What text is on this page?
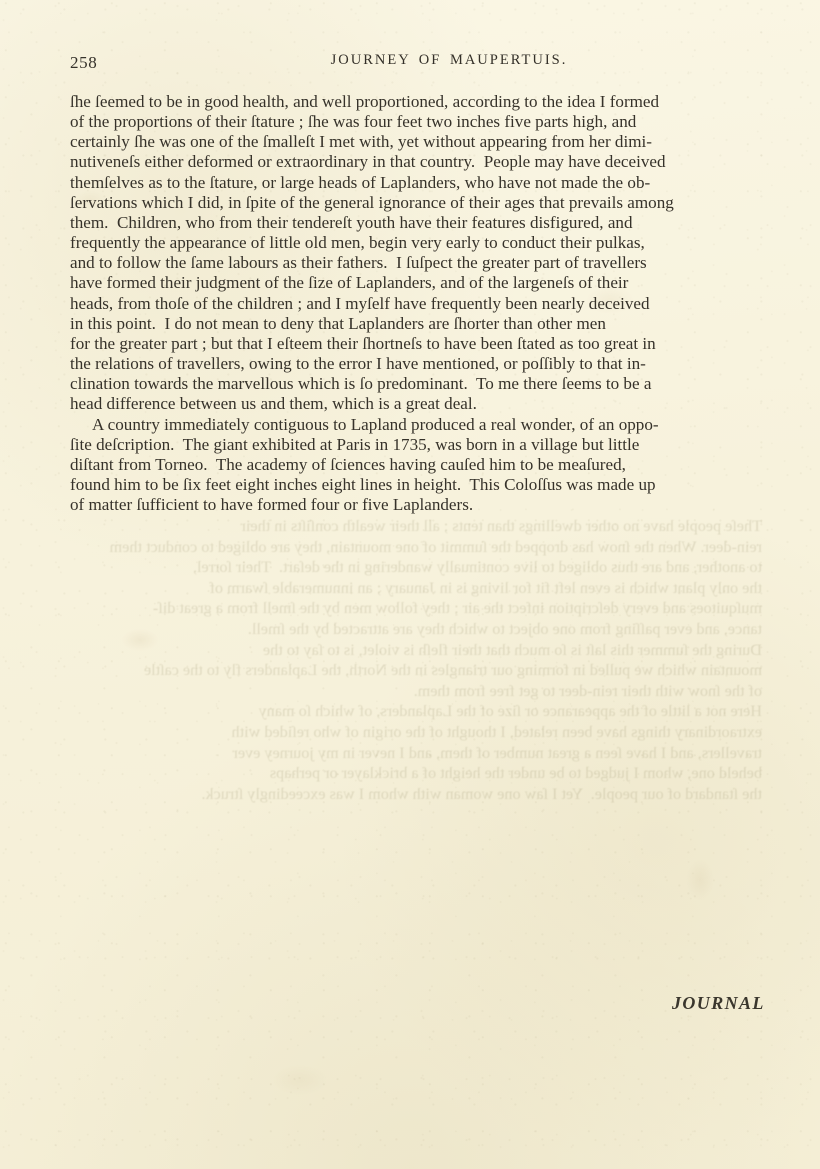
Theſe people have no other dwellings than tents ; all their wealth conſiſts in their
rein-deer. When the ſnow has dropped the ſummit of one mountain, they are obliged to conduct them
to another, and are thus obliged to live continually wandering in the deſart.  Their ſorrel,
the only plant which is even left fit for living is in January ; an innumerable ſwarm of
muſquitoes and every deſcription infect the air ; they follow men by the ſmell from a great diſ-
tance, and ever paſſing from one object to which they are attracted by the ſmell.
During the ſummer this laſt is ſo much that their fleſh is violet, is to ſay to the
mountain which we pulled in forming our triangles in the North, the Laplanders fly to the caſtle
of the ſnow with their rein-deer to get free from them.
Here not a little of the appearance or ſize of the Laplanders, of which ſo many
extraordinary things have been related, I thought of the origin of who reſided with
travellers, and I have ſeen a great number of them, and I never in my journey ever
beheld one, whom I judged to be under the height of a bricklayer or perhaps
the ſtandard of our people.  Yet I ſaw one woman with whom I was exceedingly ſtruck.
258	JOURNEY OF MAUPERTUIS.

ſhe ſeemed to be in good health, and well proportioned, according to the idea I formed
of the proportions of their ſtature ; ſhe was four feet two inches five parts high, and
certainly ſhe was one of the ſmalleſt I met with, yet without appearing from her dimi-
nutiveneſs either deformed or extraordinary in that country.  People may have deceived
themſelves as to the ſtature, or large heads of Laplanders, who have not made the ob-
ſervations which I did, in ſpite of the general ignorance of their ages that prevails among
them.  Children, who from their tendereſt youth have their features disfigured, and
frequently the appearance of little old men, begin very early to conduct their pulkas,
and to follow the ſame labours as their fathers.  I ſuſpect the greater part of travellers
have formed their judgment of the ſize of Laplanders, and of the largeneſs of their
heads, from thoſe of the children ; and I myſelf have frequently been nearly deceived
in this point.  I do not mean to deny that Laplanders are ſhorter than other men
for the greater part ; but that I eſteem their ſhortneſs to have been ſtated as too great in
the relations of travellers, owing to the error I have mentioned, or poſſibly to that in-
clination towards the marvellous which is ſo predominant.  To me there ſeems to be a
head difference between us and them, which is a great deal.

A country immediately contiguous to Lapland produced a real wonder, of an oppo-
ſite deſcription.  The giant exhibited at Paris in 1735, was born in a village but little
diſtant from Torneo.  The academy of ſciences having cauſed him to be meaſured,
found him to be ſix feet eight inches eight lines in height.  This Coloſſus was made up
of matter ſufficient to have formed four or five Laplanders.

JOURNAL
